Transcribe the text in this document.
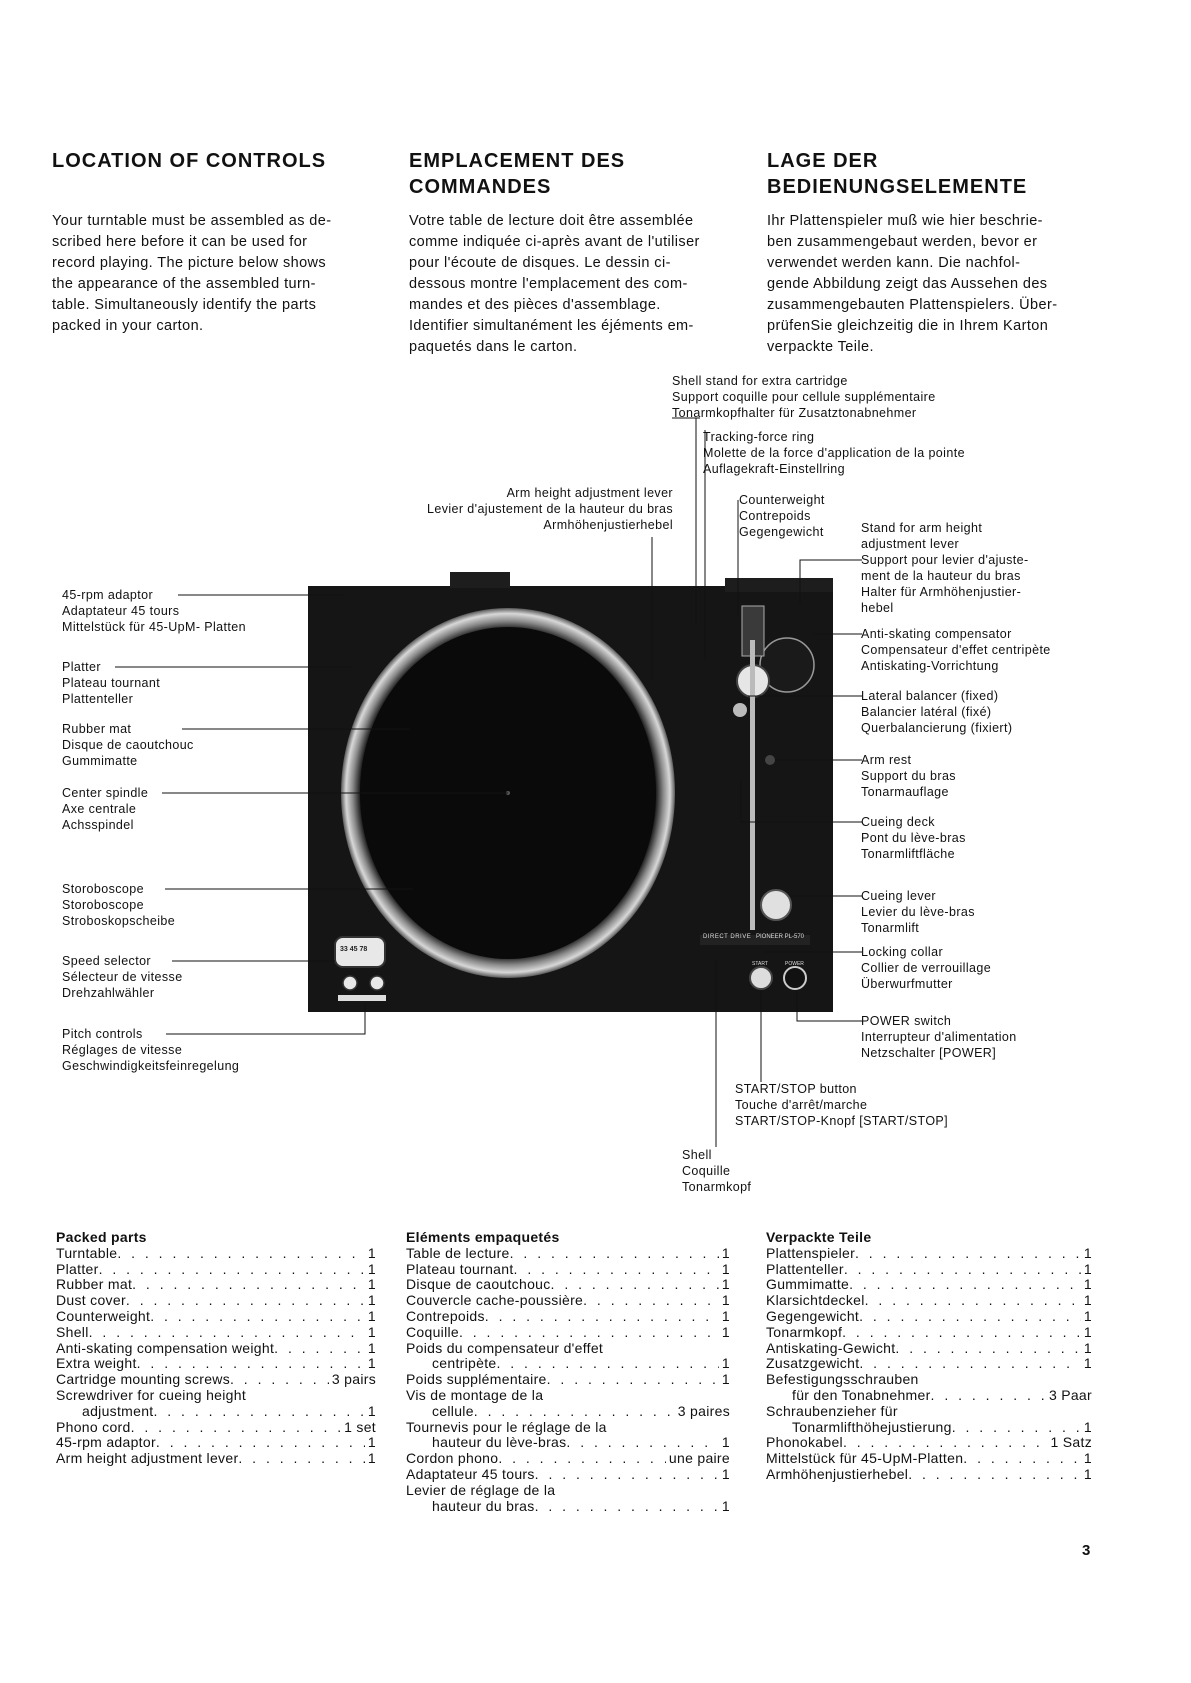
LOCATION OF CONTROLS	EMPLACEMENT DES
COMMANDES
LAGE DER
BEDIENUNGSELEMENTE
Your turntable must be assembled as de-
scribed here before it can be used for
record playing. The picture below shows
the appearance of the assembled turn-
table. Simultaneously identify the parts
packed in your carton.
Votre table de lecture doit être assemblée
comme indiquée ci-après avant de l'utiliser
pour l'écoute de disques. Le dessin ci-
dessous montre l'emplacement des com-
mandes et des pièces d'assemblage.
Identifier simultanément les éjéments em-
paquetés dans le carton.
Ihr Plattenspieler muß wie hier beschrie-
ben zusammengebaut werden, bevor er
verwendet werden kann. Die nachfol-
gende Abbildung zeigt das Aussehen des
zusammengebauten Plattenspielers. Über-
prüfenSie gleichzeitig die in Ihrem Karton
verpackte Teile.
DIRECT DRIVE PIONEER PL-570
33 45 78
START	POWER
45-rpm adaptor
Adaptateur 45 tours
Mittelstück für 45-UpM- Platten
Platter
Plateau tournant
Plattenteller
Rubber mat
Disque de caoutchouc
Gummimatte
Center spindle
Axe centrale
Achsspindel
Storoboscope
Storoboscope
Stroboskopscheibe
Speed selector
Sélecteur de vitesse
Drehzahlwähler
Pitch controls
Réglages de vitesse
Geschwindigkeitsfeinregelung
Shell stand for extra cartridge
Support coquille pour cellule supplémentaire
Tonarmkopfhalter für Zusatztonabnehmer
Tracking-force ring
Molette de la force d'application de la pointe
Auflagekraft-Einstellring
Arm height adjustment lever
Levier d'ajustement de la hauteur du bras
Armhöhenjustierhebel
Counterweight
Contrepoids
Gegengewicht	Stand for arm height
adjustment lever
Support pour levier d'ajuste-
ment de la hauteur du bras
Halter für Armhöhenjustier-
hebel
Anti-skating compensator
Compensateur d'effet centripète
Antiskating-Vorrichtung
Lateral balancer (fixed)
Balancier latéral (fixé)
Querbalancierung (fixiert)
Arm rest
Support du bras
Tonarmauflage
Cueing deck
Pont du lève-bras
Tonarmliftfläche
Cueing lever
Levier du lève-bras
Tonarmlift
Locking collar
Collier de verrouillage
Überwurfmutter
POWER switch
Interrupteur d'alimentation
Netzschalter [POWER]
START/STOP button
Touche d'arrêt/marche
START/STOP-Knopf [START/STOP]
Shell
Coquille
Tonarmkopf
Packed parts
Turntable . . .	1
Platter . . .	1
Rubber mat . . .	1
Dust cover . . .	1
Counterweight . . .	1
Shell . . .	1
Anti-skating compensation weight . . .	1
Extra weight . . .	1
Cartridge mounting screws . . .	3 pairs
Screwdriver for cueing height
adjustment . . .	1
Phono cord . . .	1 set
45-rpm adaptor . . .	1
Arm height adjustment lever . . .	1
Eléments empaquetés
Table de lecture . . .	1
Plateau tournant . . .	1
Disque de caoutchouc . . .	1
Couvercle cache-poussière . . .	1
Contrepoids . . .	1
Coquille . . .	1
Poids du compensateur d'effet
centripète . . .	1
Poids supplémentaire . . .	1
Vis de montage de la
cellule . . .	3 paires
Tournevis pour le réglage de la
hauteur du lève-bras . . .	1
Cordon phono . . .	une paire
Adaptateur 45 tours . . .	1
Levier de réglage de la
hauteur du bras . . .	1
Verpackte Teile
Plattenspieler . . .	1
Plattenteller . . .	1
Gummimatte . . .	1
Klarsichtdeckel . . .	1
Gegengewicht . . .	1
Tonarmkopf . . .	1
Antiskating-Gewicht . . .	1
Zusatzgewicht . . .	1
Befestigungsschrauben
für den Tonabnehmer . . .	3 Paar
Schraubenzieher für
Tonarmlifthöhejustierung . . .	1
Phonokabel . . .	1 Satz
Mittelstück für 45-UpM-Platten . . .	1
Armhöhenjustierhebel . . .	1
3
